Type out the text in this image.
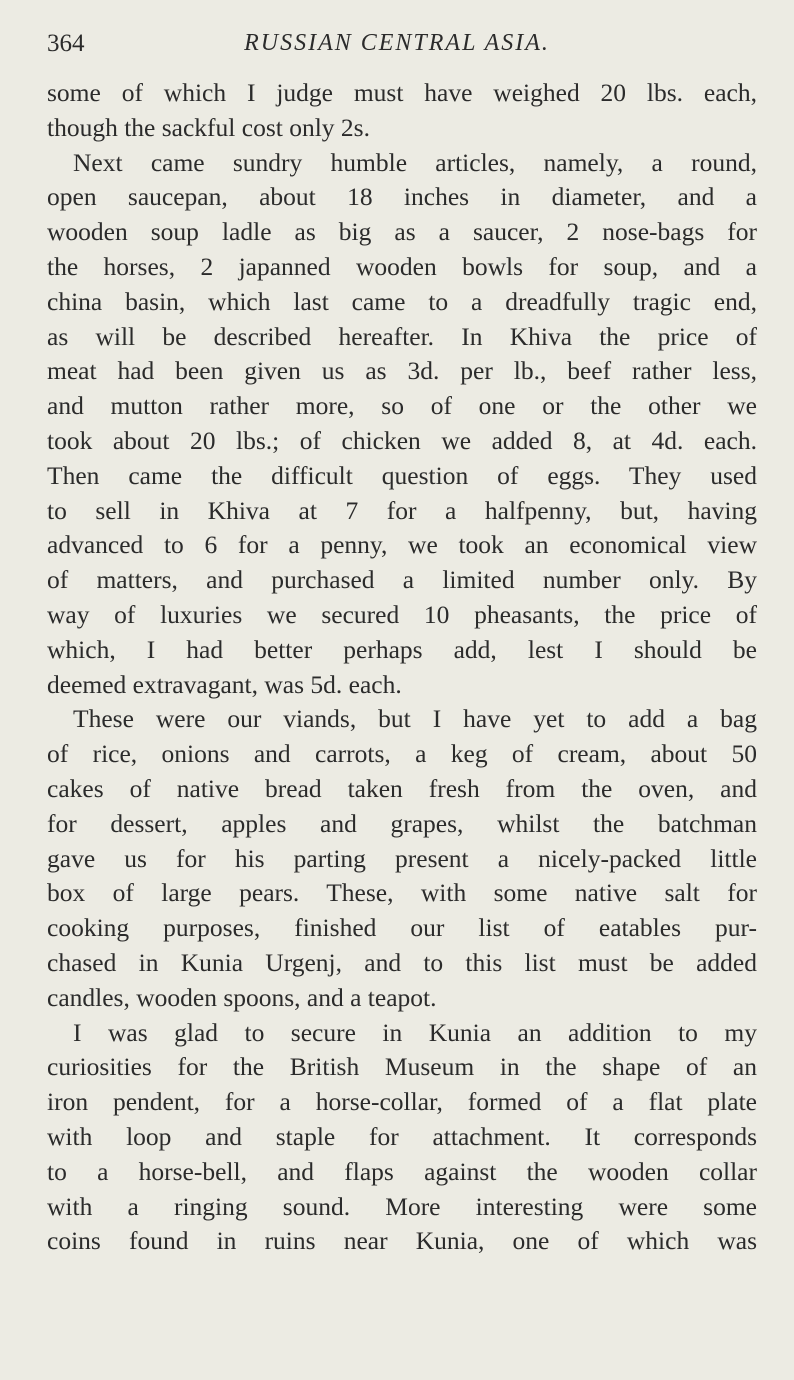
364	RUSSIAN CENTRAL ASIA.
some of which I judge must have weighed 20 lbs. each,
though the sackful cost only 2s.
Next came sundry humble articles, namely, a round,
open saucepan, about 18 inches in diameter, and a
wooden soup ladle as big as a saucer, 2 nose-bags for
the horses, 2 japanned wooden bowls for soup, and a
china basin, which last came to a dreadfully tragic end,
as will be described hereafter. In Khiva the price of
meat had been given us as 3d. per lb., beef rather less,
and mutton rather more, so of one or the other we
took about 20 lbs.; of chicken we added 8, at 4d. each.
Then came the difficult question of eggs. They used
to sell in Khiva at 7 for a halfpenny, but, having
advanced to 6 for a penny, we took an economical view
of matters, and purchased a limited number only. By
way of luxuries we secured 10 pheasants, the price of
which, I had better perhaps add, lest I should be
deemed extravagant, was 5d. each.
These were our viands, but I have yet to add a bag
of rice, onions and carrots, a keg of cream, about 50
cakes of native bread taken fresh from the oven, and
for dessert, apples and grapes, whilst the batchman
gave us for his parting present a nicely-packed little
box of large pears. These, with some native salt for
cooking purposes, finished our list of eatables pur-
chased in Kunia Urgenj, and to this list must be added
candles, wooden spoons, and a teapot.
I was glad to secure in Kunia an addition to my
curiosities for the British Museum in the shape of an
iron pendent, for a horse-collar, formed of a flat plate
with loop and staple for attachment. It corresponds
to a horse-bell, and flaps against the wooden collar
with a ringing sound. More interesting were some
coins found in ruins near Kunia, one of which was
